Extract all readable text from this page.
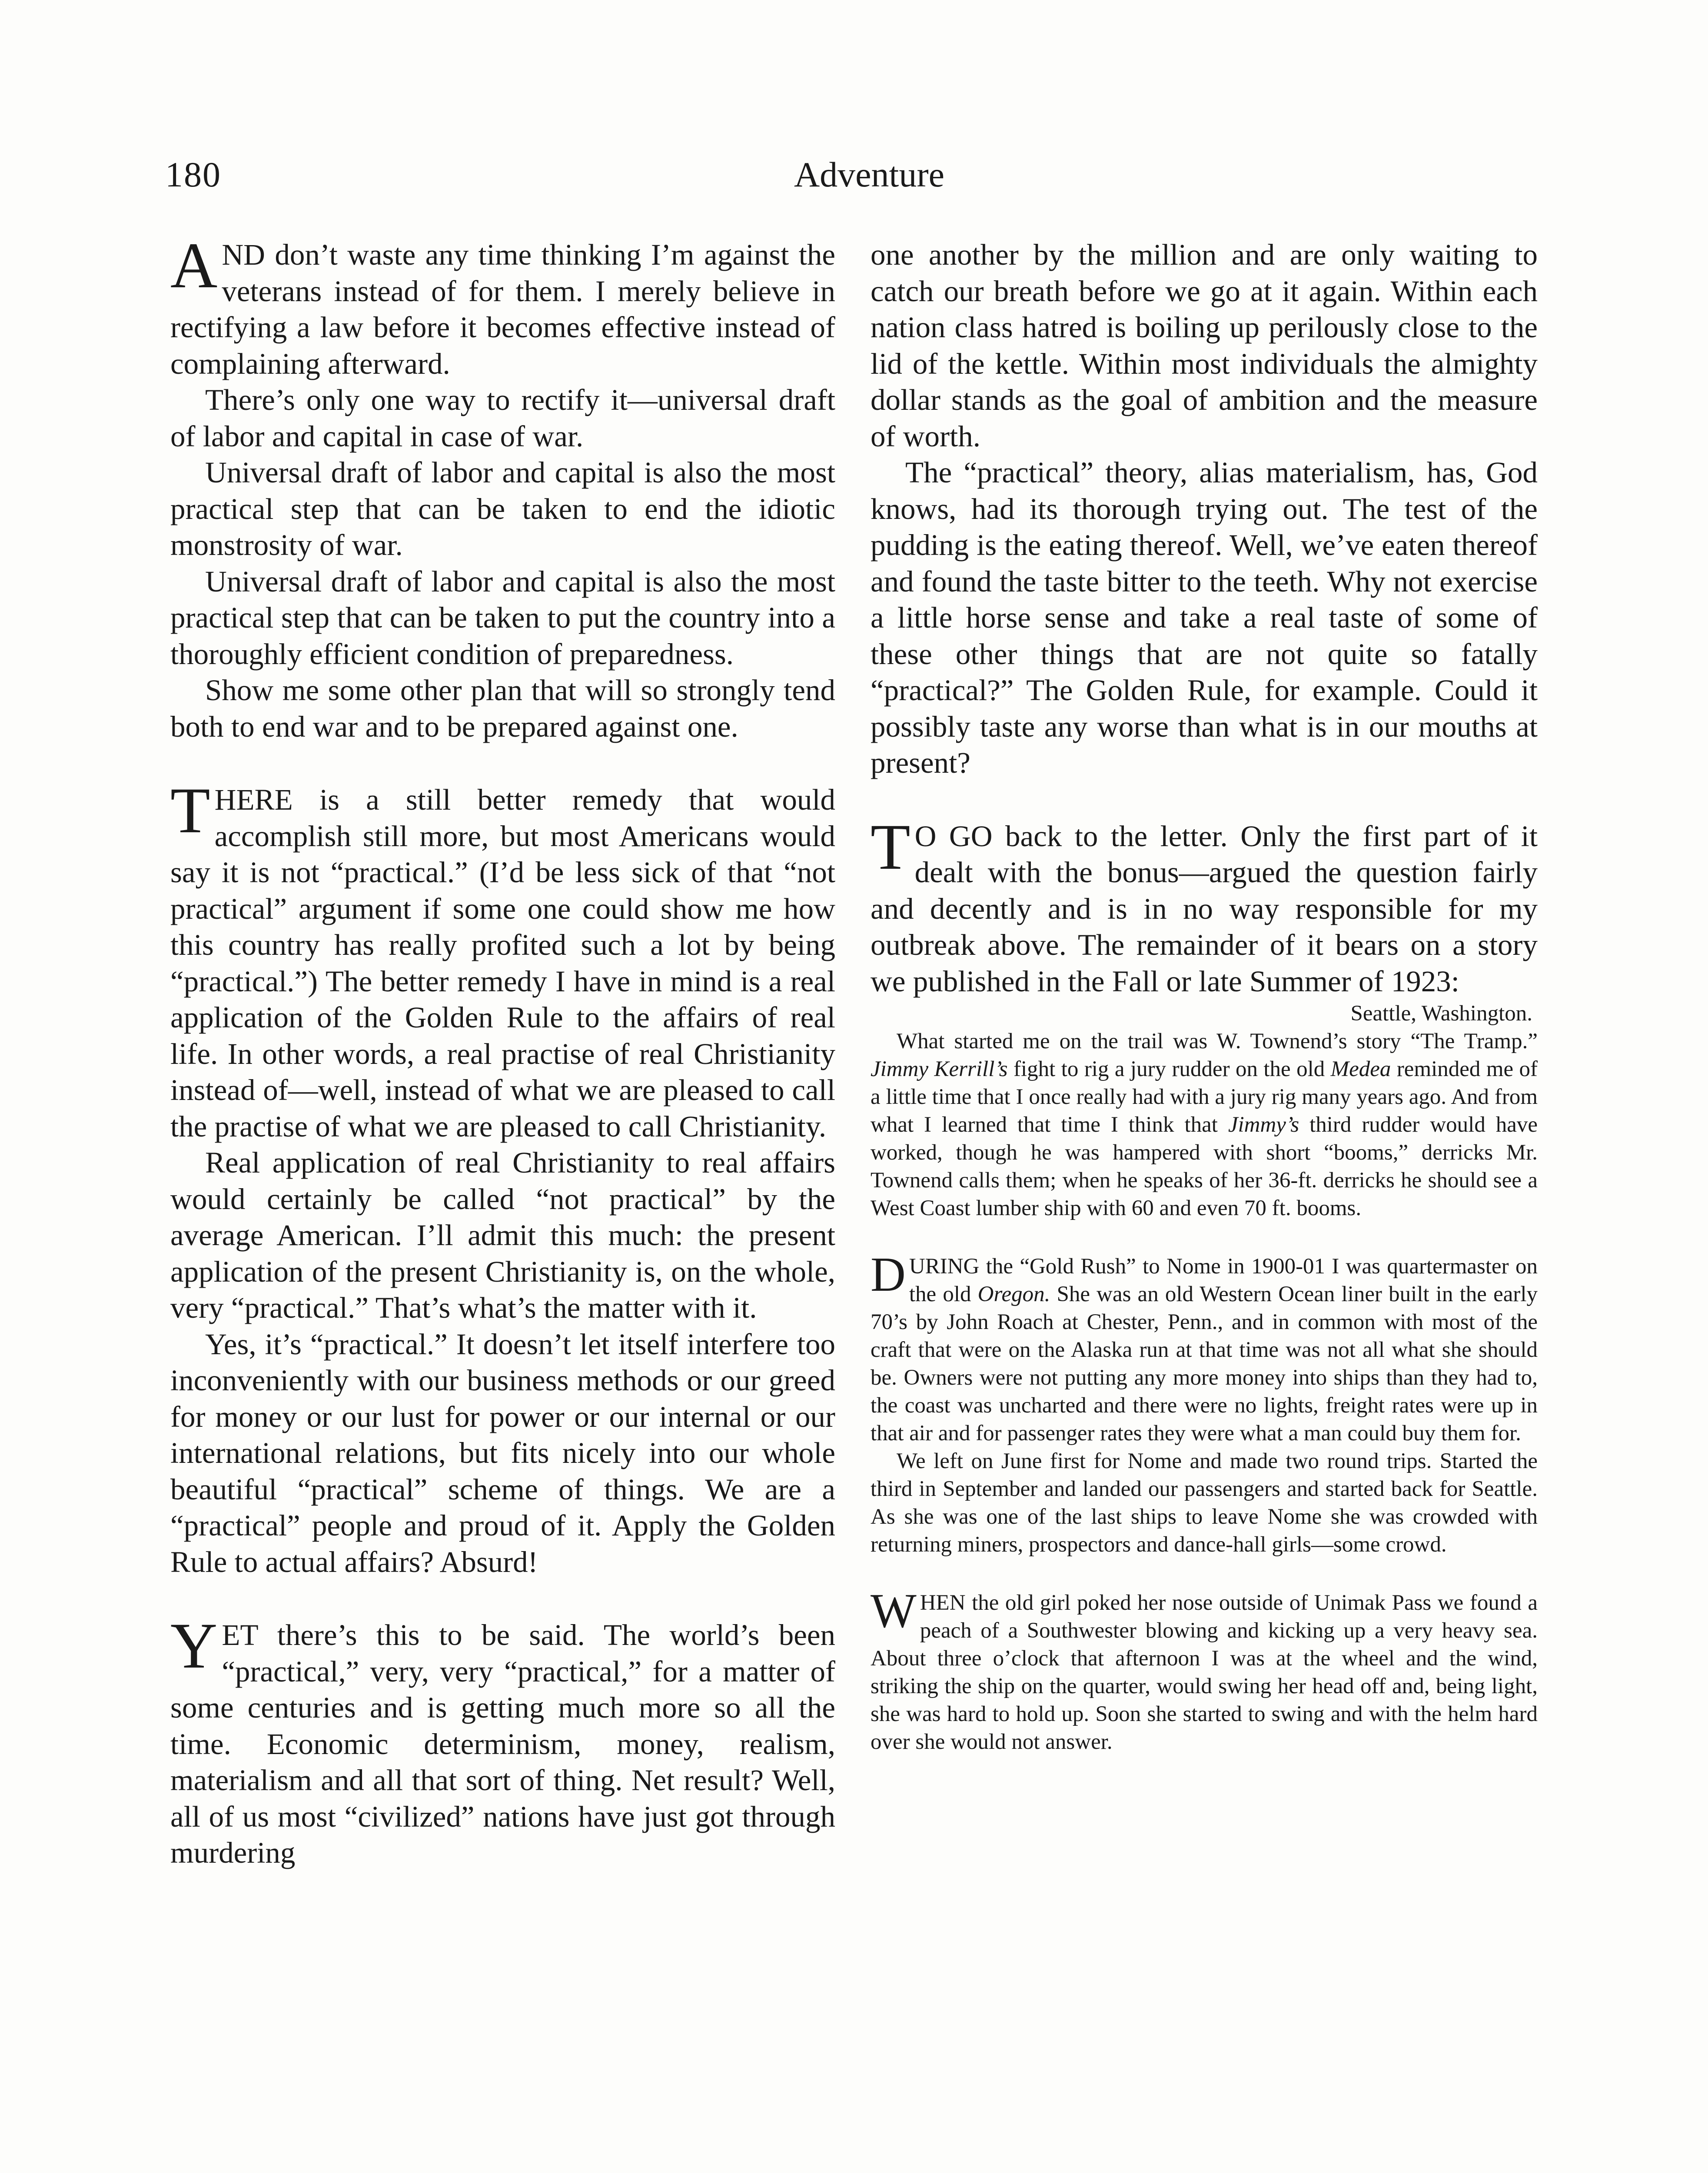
180	Adventure

AND don’t waste any time thinking I’m against the veterans instead of for them. I merely believe in rectifying a law before it becomes effective instead of complaining afterward.

There’s only one way to rectify it—universal draft of labor and capital in case of war.

Universal draft of labor and capital is also the most practical step that can be taken to end the idiotic monstrosity of war.

Universal draft of labor and capital is also the most practical step that can be taken to put the country into a thoroughly efficient condition of preparedness.

Show me some other plan that will so strongly tend both to end war and to be prepared against one.

THERE is a still better remedy that would accomplish still more, but most Americans would say it is not “practical.” (I’d be less sick of that “not practical” argument if some one could show me how this country has really profited such a lot by being “practical.”) The better remedy I have in mind is a real application of the Golden Rule to the affairs of real life. In other words, a real practise of real Christianity instead of—well, instead of what we are pleased to call the practise of what we are pleased to call Christianity.

Real application of real Christianity to real affairs would certainly be called “not practical” by the average American. I’ll admit this much: the present application of the present Christianity is, on the whole, very “practical.” That’s what’s the matter with it.

Yes, it’s “practical.” It doesn’t let itself interfere too inconveniently with our business methods or our greed for money or our lust for power or our internal or our international relations, but fits nicely into our whole beautiful “practical” scheme of things. We are a “practical” people and proud of it. Apply the Golden Rule to actual affairs? Absurd!

YET there’s this to be said. The world’s been “practical,” very, very “practical,” for a matter of some centuries and is getting much more so all the time. Economic determinism, money, realism, materialism and all that sort of thing. Net result? Well, all of us most “civilized” nations have just got through murdering

one another by the million and are only waiting to catch our breath before we go at it again. Within each nation class hatred is boiling up perilously close to the lid of the kettle. Within most individuals the almighty dollar stands as the goal of ambition and the measure of worth.

The “practical” theory, alias materialism, has, God knows, had its thorough trying out. The test of the pudding is the eating thereof. Well, we’ve eaten thereof and found the taste bitter to the teeth. Why not exercise a little horse sense and take a real taste of some of these other things that are not quite so fatally “practical?” The Golden Rule, for example. Could it possibly taste any worse than what is in our mouths at present?

T O GO back to the letter. Only the first part of it dealt with the bonus—argued the question fairly and decently and is in no way responsible for my outbreak above. The remainder of it bears on a story we published in the Fall or late Summer of 1923:

Seattle, Washington.

What started me on the trail was W. Townend’s story “The Tramp.” Jimmy Kerrill’s fight to rig a jury rudder on the old Medea reminded me of a little time that I once really had with a jury rig many years ago. And from what I learned that time I think that Jimmy’s third rudder would have worked, though he was hampered with short “booms,” derricks Mr. Townend calls them; when he speaks of her 36-ft. derricks he should see a West Coast lumber ship with 60 and even 70 ft. booms.

DURING the “Gold Rush” to Nome in 1900-01 I was quartermaster on the old Oregon. She was an old Western Ocean liner built in the early 70’s by John Roach at Chester, Penn., and in common with most of the craft that were on the Alaska run at that time was not all what she should be. Owners were not putting any more money into ships than they had to, the coast was uncharted and there were no lights, freight rates were up in that air and for passenger rates they were what a man could buy them for.

We left on June first for Nome and made two round trips. Started the third in September and landed our passengers and started back for Seattle. As she was one of the last ships to leave Nome she was crowded with returning miners, prospectors and dance-hall girls—some crowd.

WHEN the old girl poked her nose outside of Unimak Pass we found a peach of a Southwester blowing and kicking up a very heavy sea. About three o’clock that afternoon I was at the wheel and the wind, striking the ship on the quarter, would swing her head off and, being light, she was hard to hold up. Soon she started to swing and with the helm hard over she would not answer.
